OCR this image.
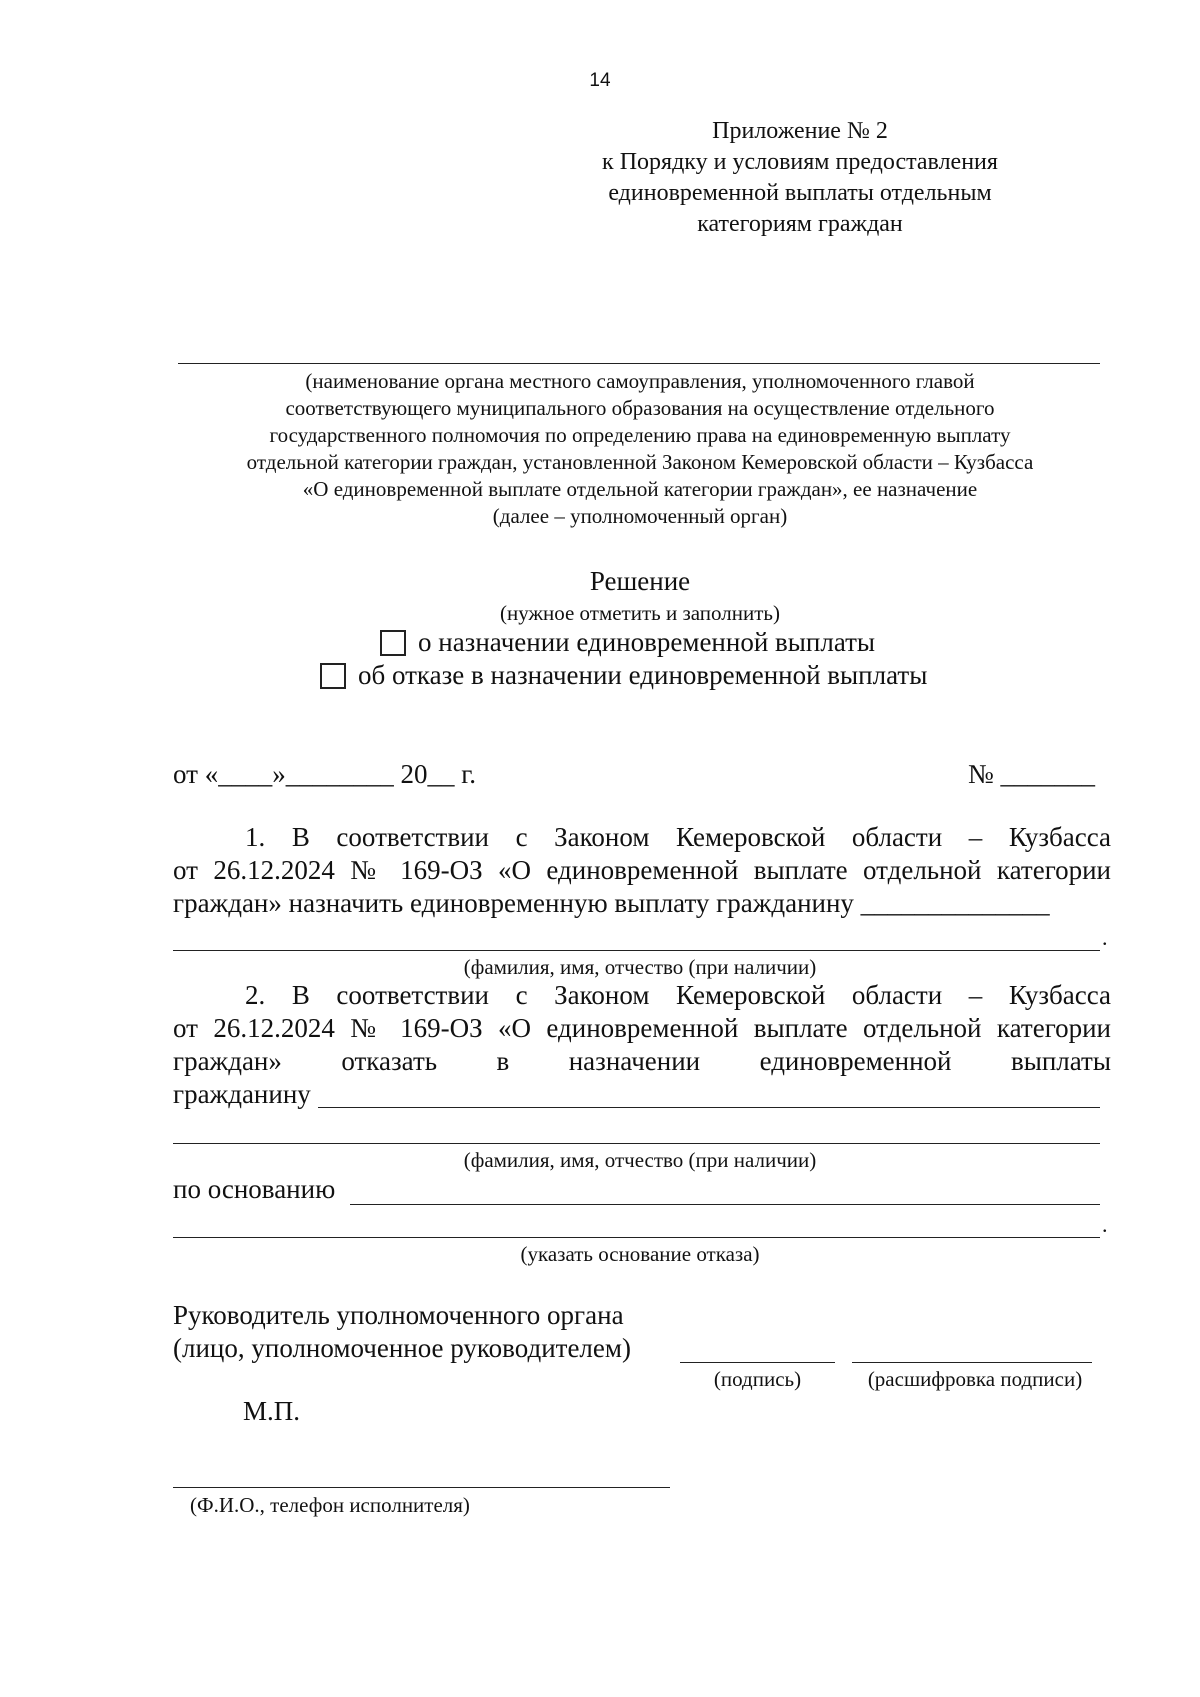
14
Приложение № 2
к Порядку и условиям предоставления
единовременной выплаты отдельным
категориям граждан
(наименование органа местного самоуправления, уполномоченного главой
соответствующего муниципального образования на осуществление отдельного
государственного полномочия по определению права на единовременную выплату
отдельной категории граждан, установленной Законом Кемеровской области – Кузбасса
«О единовременной выплате отдельной категории граждан», ее назначение
(далее – уполномоченный орган)
Решение
(нужное отметить и заполнить)
о назначении единовременной выплаты
об отказе в назначении единовременной выплаты
от «____»________ 20__ г.	№ _______
1. В соответствии с Законом Кемеровской области – Кузбасса
от 26.12.2024 № 169-ОЗ «О единовременной выплате отдельной категории
граждан» назначить единовременную выплату гражданину ______________
.
(фамилия, имя, отчество (при наличии)
2. В соответствии с Законом Кемеровской области – Кузбасса
от 26.12.2024 № 169-ОЗ «О единовременной выплате отдельной категории
граждан» отказать в назначении единовременной выплаты
гражданину
(фамилия, имя, отчество (при наличии)
по основанию
.
(указать основание отказа)
Руководитель уполномоченного органа
(лицо, уполномоченное руководителем)
(подпись)	(расшифровка подписи)
М.П.
(Ф.И.О., телефон исполнителя)
